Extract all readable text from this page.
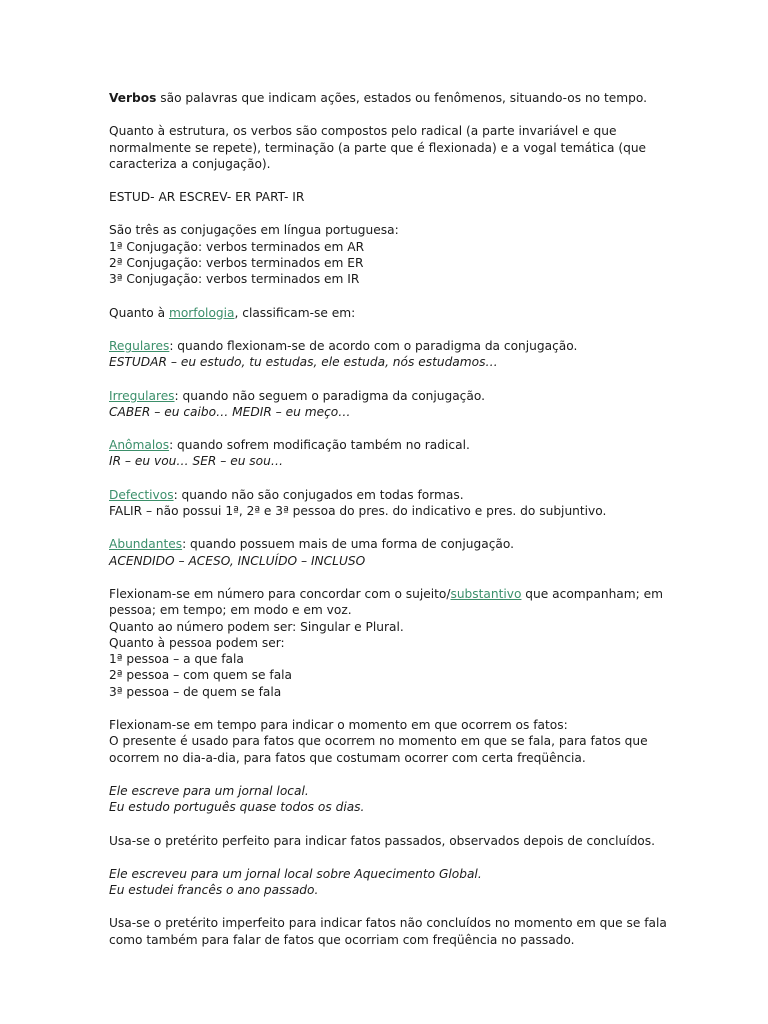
Verbos são palavras que indicam ações, estados ou fenômenos, situando-os no tempo.

Quanto à estrutura, os verbos são compostos pelo radical (a parte invariável e que
normalmente se repete), terminação (a parte que é flexionada) e a vogal temática (que
caracteriza a conjugação).

ESTUD- AR ESCREV- ER PART- IR

São três as conjugações em língua portuguesa:
1ª Conjugação: verbos terminados em AR
2ª Conjugação: verbos terminados em ER
3ª Conjugação: verbos terminados em IR

Quanto à morfologia, classificam-se em:

Regulares: quando flexionam-se de acordo com o paradigma da conjugação.
ESTUDAR – eu estudo, tu estudas, ele estuda, nós estudamos…

Irregulares: quando não seguem o paradigma da conjugação.
CABER – eu caibo… MEDIR – eu meço…

Anômalos: quando sofrem modificação também no radical.
IR – eu vou… SER – eu sou…

Defectivos: quando não são conjugados em todas formas.
FALIR – não possui 1ª, 2ª e 3ª pessoa do pres. do indicativo e pres. do subjuntivo.

Abundantes: quando possuem mais de uma forma de conjugação.
ACENDIDO – ACESO, INCLUÍDO – INCLUSO

Flexionam-se em número para concordar com o sujeito/substantivo que acompanham; em
pessoa; em tempo; em modo e em voz.
Quanto ao número podem ser: Singular e Plural.
Quanto à pessoa podem ser:
1ª pessoa – a que fala
2ª pessoa – com quem se fala
3ª pessoa – de quem se fala

Flexionam-se em tempo para indicar o momento em que ocorrem os fatos:
O presente é usado para fatos que ocorrem no momento em que se fala, para fatos que
ocorrem no dia-a-dia, para fatos que costumam ocorrer com certa freqüência.

Ele escreve para um jornal local.
Eu estudo português quase todos os dias.

Usa-se o pretérito perfeito para indicar fatos passados, observados depois de concluídos.

Ele escreveu para um jornal local sobre Aquecimento Global.
Eu estudei francês o ano passado.

Usa-se o pretérito imperfeito para indicar fatos não concluídos no momento em que se fala
como também para falar de fatos que ocorriam com freqüência no passado.
